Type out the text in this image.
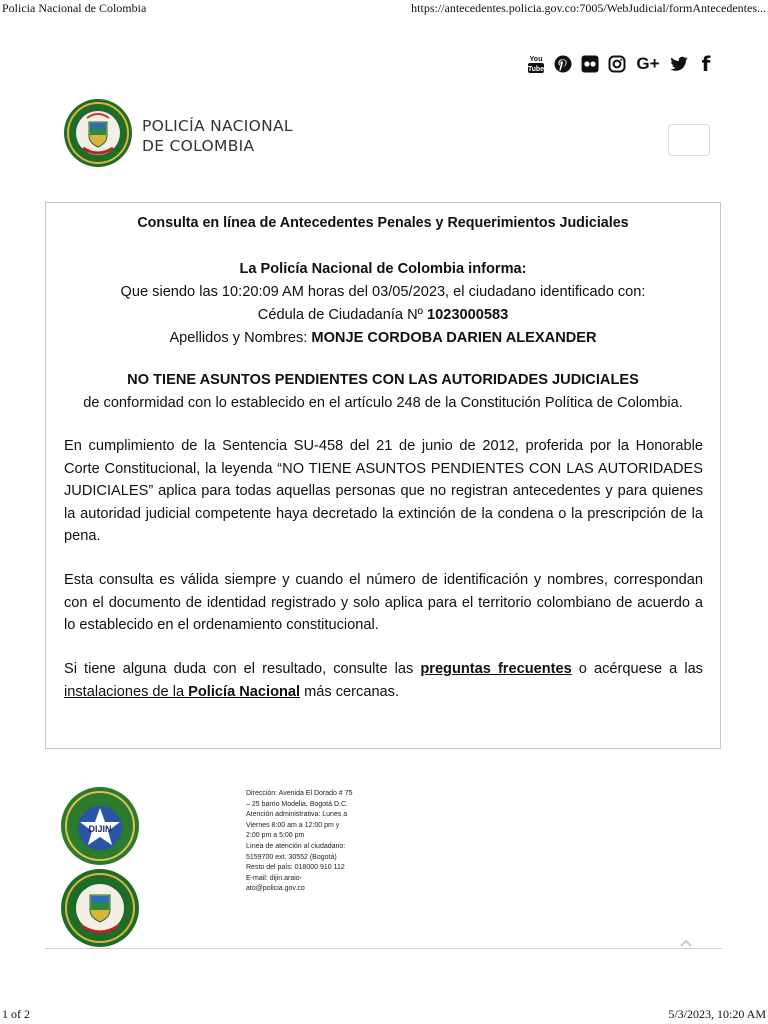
Policia Nacional de Colombia	https://antecedentes.policia.gov.co:7005/WebJudicial/formAntecedentes...
You
Tube	G+ f
POLICÍA NACIONAL
DE COLOMBIA
Consulta en línea de Antecedentes Penales y Requerimientos Judiciales
La Policía Nacional de Colombia informa:
Que siendo las 10:20:09 AM horas del 03/05/2023, el ciudadano identificado con:
Cédula de Ciudadanía Nº 1023000583
Apellidos y Nombres: MONJE CORDOBA DARIEN ALEXANDER
NO TIENE ASUNTOS PENDIENTES CON LAS AUTORIDADES JUDICIALES
de conformidad con lo establecido en el artículo 248 de la Constitución Política de Colombia.
En cumplimiento de la Sentencia SU-458 del 21 de junio de 2012, proferida por la Honorable Corte Constitucional, la leyenda “NO TIENE ASUNTOS PENDIENTES CON LAS AUTORIDADES JUDICIALES” aplica para todas aquellas personas que no registran antecedentes y para quienes la autoridad judicial competente haya decretado la extinción de la condena o la prescripción de la pena.
Esta consulta es válida siempre y cuando el número de identificación y nombres, correspondan con el documento de identidad registrado y solo aplica para el territorio colombiano de acuerdo a lo establecido en el ordenamiento constitucional.
Si tiene alguna duda con el resultado, consulte las preguntas frecuentes o acérquese a las instalaciones de la Policía Nacional más cercanas.
DIJIN
Dirección: Avenida El Dorado # 75
– 25 barrio Modelia, Bogotá D.C.
Atención administrativa: Lunes a
Viernes 8:00 am a 12:00 pm y
2:00 pm a 5:00 pm
Línea de atención al ciudadano:
5159700 ext. 30552 (Bogotá)
Resto del país: 018000 910 112
E-mail: dijin.araio-
ato@policia.gov.co
1 of 2	5/3/2023, 10:20 AM
